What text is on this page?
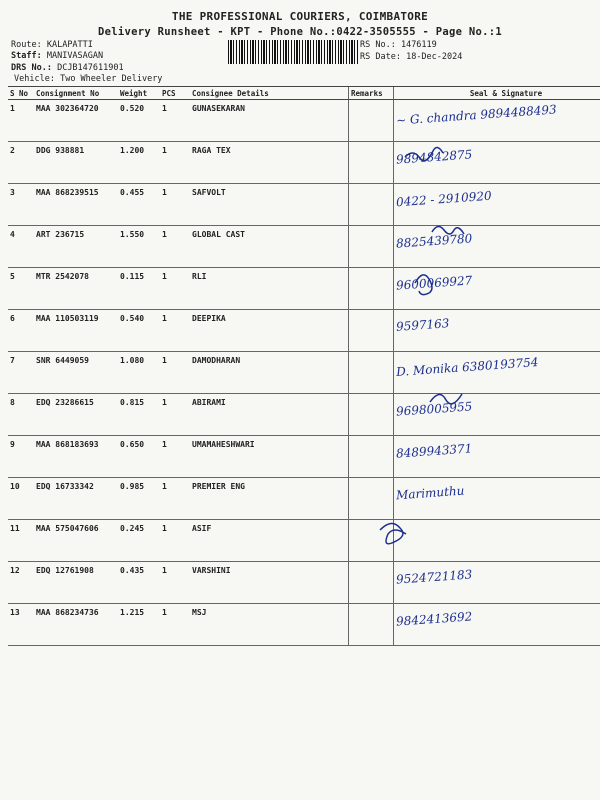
THE PROFESSIONAL COURIERS, COIMBATORE
Delivery Runsheet - KPT - Phone No.:0422-3505555 - Page No.:1
Route: KALAPATTI
Staff: MANIVASAGAN
DRS No.: DCJB147611901
Vehicle: Two Wheeler Delivery
RS No.: 1476119
RS Date: 18-Dec-2024
S No	Consignment No	Weight	PCS	Consignee Details	Remarks	Seal & Signature
1	MAA 302364720	0.520	1	GUNASEKARAN		~ G. chandra 9894488493
2	DDG 938881	1.200	1	RAGA TEX		9894842875
3	MAA 868239515	0.455	1	SAFVOLT		0422 - 2910920
4	ART 236715	1.550	1	GLOBAL CAST		8825439780
5	MTR 2542078	0.115	1	RLI		9600069927
6	MAA 110503119	0.540	1	DEEPIKA		9597163
7	SNR 6449059	1.080	1	DAMODHARAN		D. Monika 6380193754
8	EDQ 23286615	0.815	1	ABIRAMI		9698005955
9	MAA 868183693	0.650	1	UMAMAHESHWARI		8489943371
10	EDQ 16733342	0.985	1	PREMIER ENG		Marimuthu
11	MAA 575047606	0.245	1	ASIF		
12	EDQ 12761908	0.435	1	VARSHINI		9524721183
13	MAA 868234736	1.215	1	MSJ		9842413692
